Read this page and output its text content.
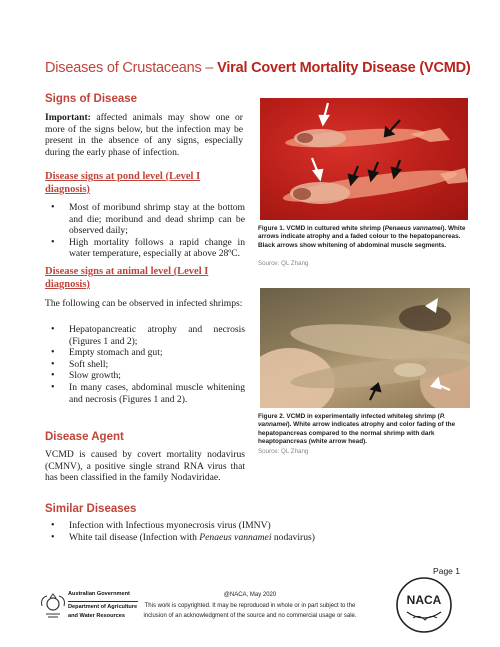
Diseases of Crustaceans – Viral Covert Mortality Disease (VCMD)
Signs of Disease
Important: affected animals may show one or more of the signs below, but the infection may be present in the absence of any signs, especially during the early phase of infection.
Disease signs at pond level (Level I
diagnosis)
• Most of moribund shrimp stay at the bottom and die; moribund and dead shrimp can be observed daily;
• High mortality follows a rapid change in water temperature, especially at above 28ºC.
Disease signs at animal level (Level I
diagnosis)
The following can be observed in infected shrimps:
• Hepatopancreatic atrophy and necrosis (Figures 1 and 2);
• Empty stomach and gut;
• Soft shell;
• Slow growth;
• In many cases, abdominal muscle whitening and necrosis (Figures 1 and 2).
Disease Agent
VCMD is caused by covert mortality nodavirus (CMNV), a positive single strand RNA virus that has been classified in the family Nodaviridae.
Similar Diseases
• Infection with Infectious myonecrosis virus (IMNV)
• White tail disease (Infection with Penaeus vannamei nodavirus)
Figure 1. VCMD in cultured white shrimp (Penaeus vannamei). White arrows indicate atrophy and a faded colour to the hepatopancreas. Black arrows show whitening of abdominal muscle segments.
Source: QL Zhang
Figure 2. VCMD in experimentally infected whiteleg shrimp (P. vannamei). White arrow indicates atrophy and color fading of the hepatopancreas compared to the normal shrimp with dark heaptopancreas (white arrow head).
Source: QL Zhang
Page 1
Australian Government
Department of Agriculture
and Water Resources
@NACA, May 2020
This work is copyrighted. It may be reproduced in whole or in part subject to the
inclusion of an acknowledgment of the source and no commercial usage or sale.
NACA
